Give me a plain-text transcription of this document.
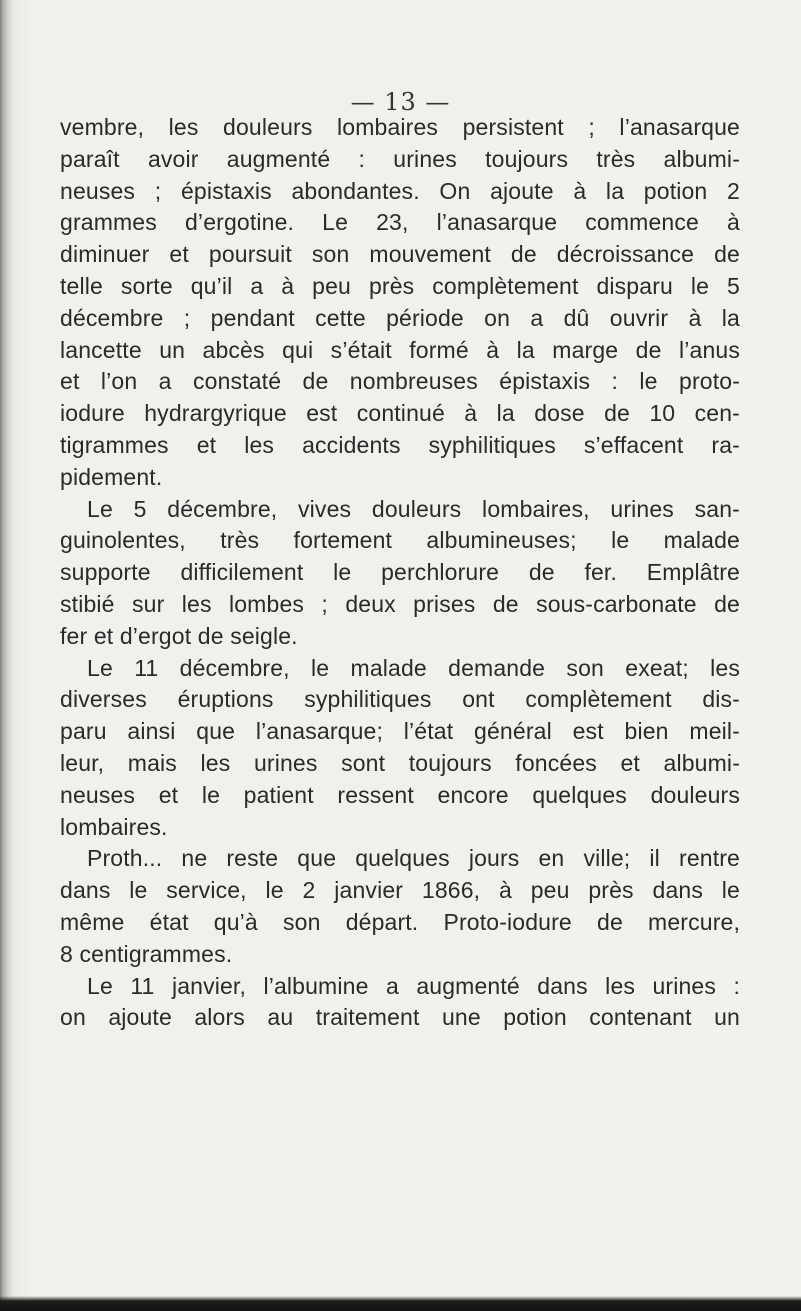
— 13 —
vembre, les douleurs lombaires persistent ; l’anasarque
paraît avoir augmenté : urines toujours très albumi-
neuses ; épistaxis abondantes. On ajoute à la potion 2
grammes d’ergotine. Le 23, l’anasarque commence à
diminuer et poursuit son mouvement de décroissance de
telle sorte qu’il a à peu près complètement disparu le 5
décembre ; pendant cette période on a dû ouvrir à la
lancette un abcès qui s’était formé à la marge de l’anus
et l’on a constaté de nombreuses épistaxis : le proto-
iodure hydrargyrique est continué à la dose de 10 cen-
tigrammes et les accidents syphilitiques s’effacent ra-
pidement.
Le 5 décembre, vives douleurs lombaires, urines san-
guinolentes, très fortement albumineuses; le malade
supporte difficilement le perchlorure de fer. Emplâtre
stibié sur les lombes ; deux prises de sous-carbonate de
fer et d’ergot de seigle.
Le 11 décembre, le malade demande son exeat; les
diverses éruptions syphilitiques ont complètement dis-
paru ainsi que l’anasarque; l’état général est bien meil-
leur, mais les urines sont toujours foncées et albumi-
neuses et le patient ressent encore quelques douleurs
lombaires.
Proth... ne reste que quelques jours en ville; il rentre
dans le service, le 2 janvier 1866, à peu près dans le
même état qu’à son départ. Proto-iodure de mercure,
8 centigrammes.
Le 11 janvier, l’albumine a augmenté dans les urines :
on ajoute alors au traitement une potion contenant un
